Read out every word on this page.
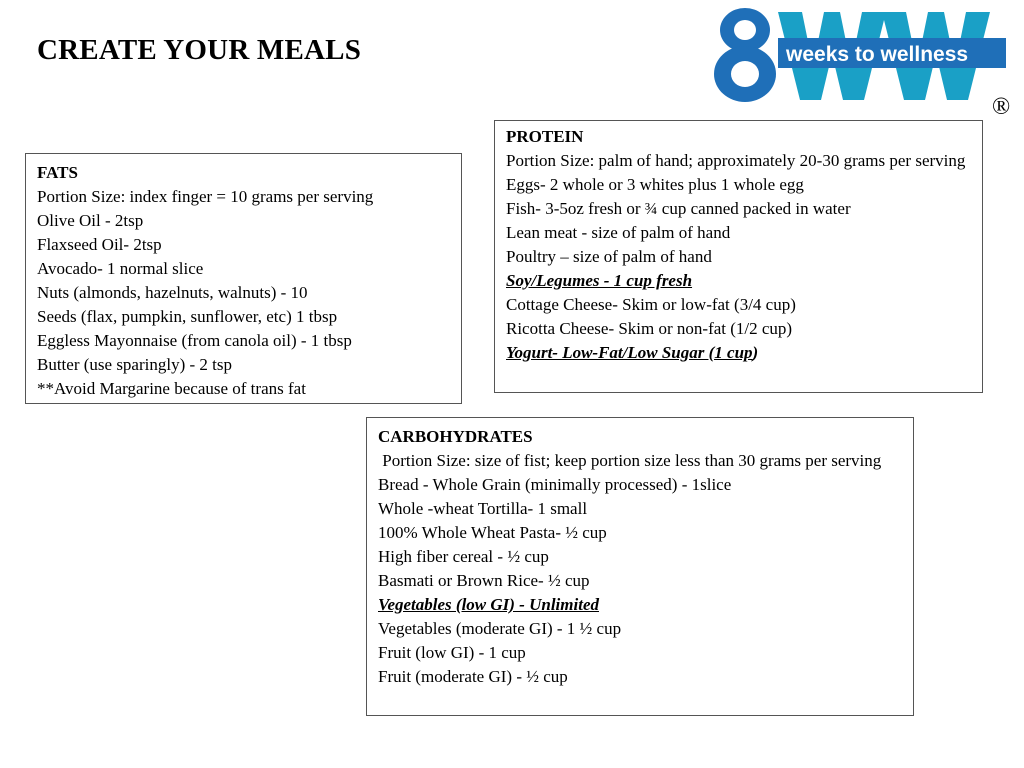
CREATE YOUR MEALS	weeks to wellness
®
FATS
Portion Size: index finger = 10 grams per serving
Olive Oil - 2tsp
Flaxseed Oil- 2tsp
Avocado- 1 normal slice
Nuts (almonds, hazelnuts, walnuts) - 10
Seeds (flax, pumpkin, sunflower, etc) 1 tbsp
Eggless Mayonnaise (from canola oil) - 1 tbsp
Butter (use sparingly) - 2 tsp
**Avoid Margarine because of trans fat
PROTEIN
Portion Size: palm of hand; approximately 20-30 grams per serving
Eggs- 2 whole or 3 whites plus 1 whole egg
Fish- 3-5oz fresh or ¾ cup canned packed in water
Lean meat - size of palm of hand
Poultry – size of palm of hand
Soy/Legumes - 1 cup fresh
Cottage Cheese- Skim or low-fat (3/4 cup)
Ricotta Cheese- Skim or non-fat (1/2 cup)
Yogurt- Low-Fat/Low Sugar (1 cup)
CARBOHYDRATES
Portion Size: size of fist; keep portion size less than 30 grams per serving
Bread - Whole Grain (minimally processed) - 1slice
Whole -wheat Tortilla- 1 small
100% Whole Wheat Pasta- ½ cup
High fiber cereal - ½ cup
Basmati or Brown Rice- ½ cup
Vegetables (low GI) - Unlimited
Vegetables (moderate GI) - 1 ½ cup
Fruit (low GI) - 1 cup
Fruit (moderate GI) - ½ cup
